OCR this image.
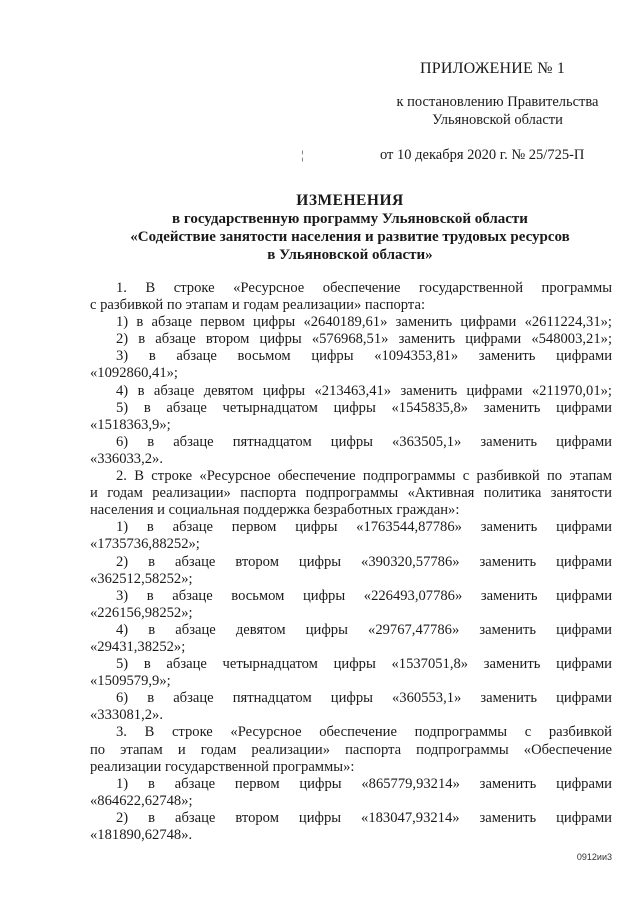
ПРИЛОЖЕНИЕ № 1
к постановлению Правительства
Ульяновской области
¦	от 10 декабря 2020 г. № 25/725-П
ИЗМЕНЕНИЯ
в государственную программу Ульяновской области
«Содействие занятости населения и развитие трудовых ресурсов
в Ульяновской области»

1. В строке «Ресурсное обеспечение государственной программы

с разбивкой по этапам и годам реализации» паспорта:

1) в абзаце первом цифры «2640189,61» заменить цифрами «2611224,31»;

2) в абзаце втором цифры «576968,51» заменить цифрами «548003,21»;

3) в абзаце восьмом цифры «1094353,81» заменить цифрами

«1092860,41»;

4) в абзаце девятом цифры «213463,41» заменить цифрами «211970,01»;

5) в абзаце четырнадцатом цифры «1545835,8» заменить цифрами

«1518363,9»;

6) в абзаце пятнадцатом цифры «363505,1» заменить цифрами

«336033,2».

2. В строке «Ресурсное обеспечение подпрограммы с разбивкой по этапам

и годам реализации» паспорта подпрограммы «Активная политика занятости

населения и социальная поддержка безработных граждан»:

1) в абзаце первом цифры «1763544,87786» заменить цифрами

«1735736,88252»;

2) в абзаце втором цифры «390320,57786» заменить цифрами

«362512,58252»;

3) в абзаце восьмом цифры «226493,07786» заменить цифрами

«226156,98252»;

4) в абзаце девятом цифры «29767,47786» заменить цифрами

«29431,38252»;

5) в абзаце четырнадцатом цифры «1537051,8» заменить цифрами

«1509579,9»;

6) в абзаце пятнадцатом цифры «360553,1» заменить цифрами

«333081,2».

3. В строке «Ресурсное обеспечение подпрограммы с разбивкой

по этапам и годам реализации» паспорта подпрограммы «Обеспечение

реализации государственной программы»:

1) в абзаце первом цифры «865779,93214» заменить цифрами

«864622,62748»;

2) в абзаце втором цифры «183047,93214» заменить цифрами

«181890,62748».

0912ии3
